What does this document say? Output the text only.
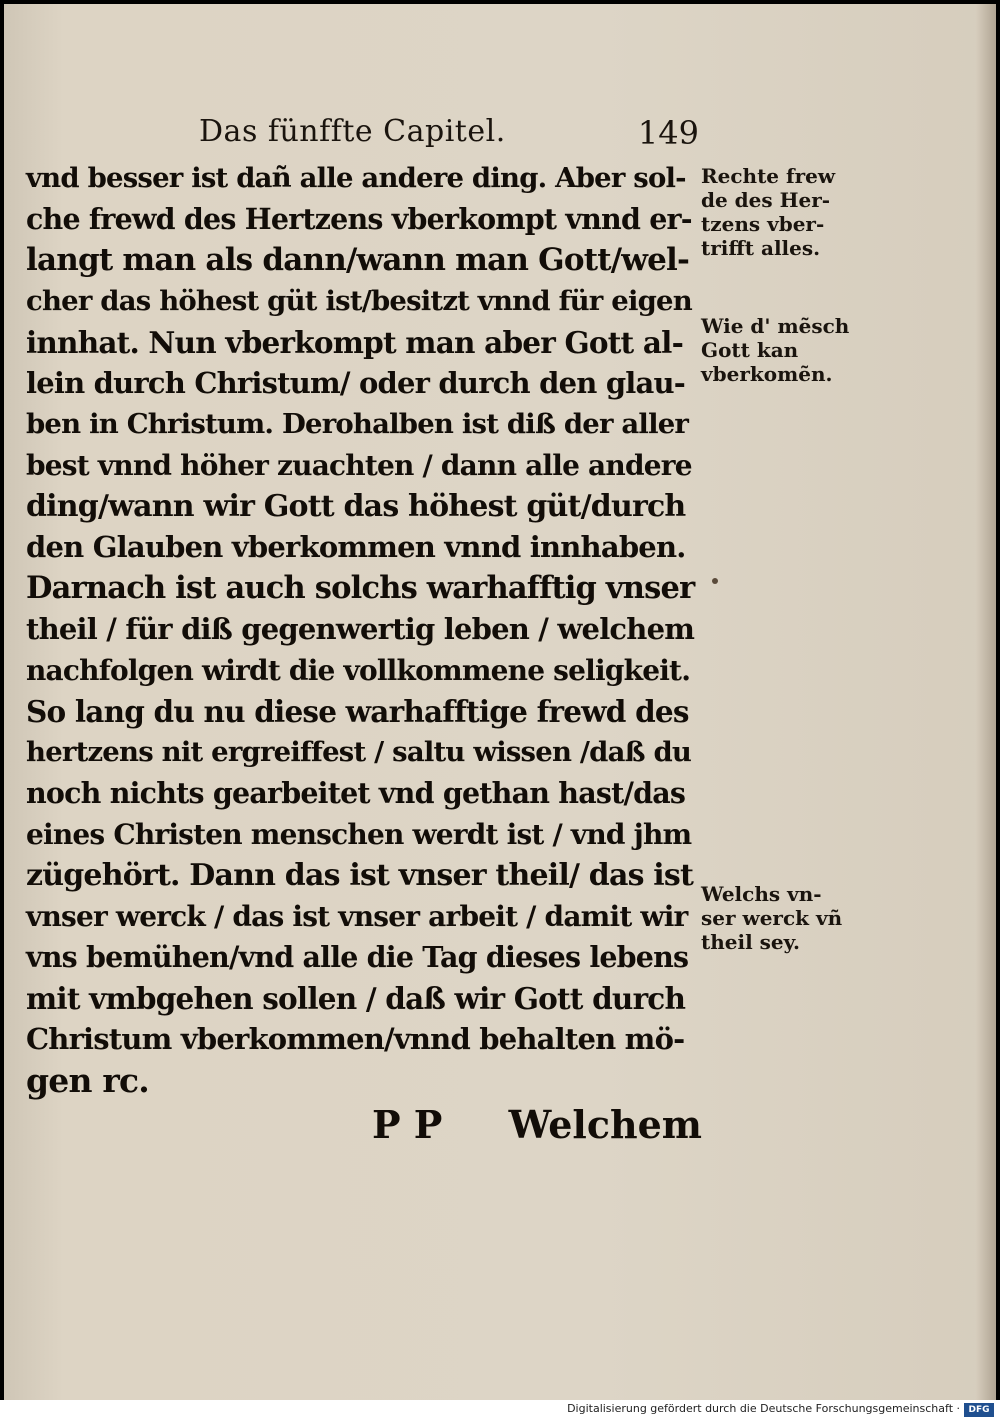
Das fünffte Capitel.	149
vnd besser ist dañ alle andere ding. Aber sol-
che frewd des Hertzens vberkompt vnnd er-
langt man als dann/wann man Gott/wel-
cher das höhest güt ist/besitzt vnnd für eigen
innhat. Nun vberkompt man aber Gott al-
lein durch Christum/ oder durch den glau-
ben in Christum. Derohalben ist diß der aller
best vnnd höher zuachten / dann alle andere
ding/wann wir Gott das höhest güt/durch
den Glauben vberkommen vnnd innhaben.
Darnach ist auch solchs warhafftig vnser
theil / für diß gegenwertig leben / welchem
nachfolgen wirdt die vollkommene seligkeit.
So lang du nu diese warhafftige frewd des
hertzens nit ergreiffest / saltu wissen /daß du
noch nichts gearbeitet vnd gethan hast/das
eines Christen menschen werdt ist / vnd jhm
zügehört. Dann das ist vnser theil/ das ist
vnser werck / das ist vnser arbeit / damit wir
vns bemühen/vnd alle die Tag dieses lebens
mit vmbgehen sollen / daß wir Gott durch
Christum vberkommen/vnnd behalten mö-
gen rc.
Rechte frew
de des Her-
tzens vber-
trifft alles.
Wie d' mẽsch
Gott kan
vberkomẽn.
Welchs vn-
ser werck vñ
theil sey.
P P Welchem
Digitalisierung gefördert durch die Deutsche Forschungsgemeinschaft · DFG
